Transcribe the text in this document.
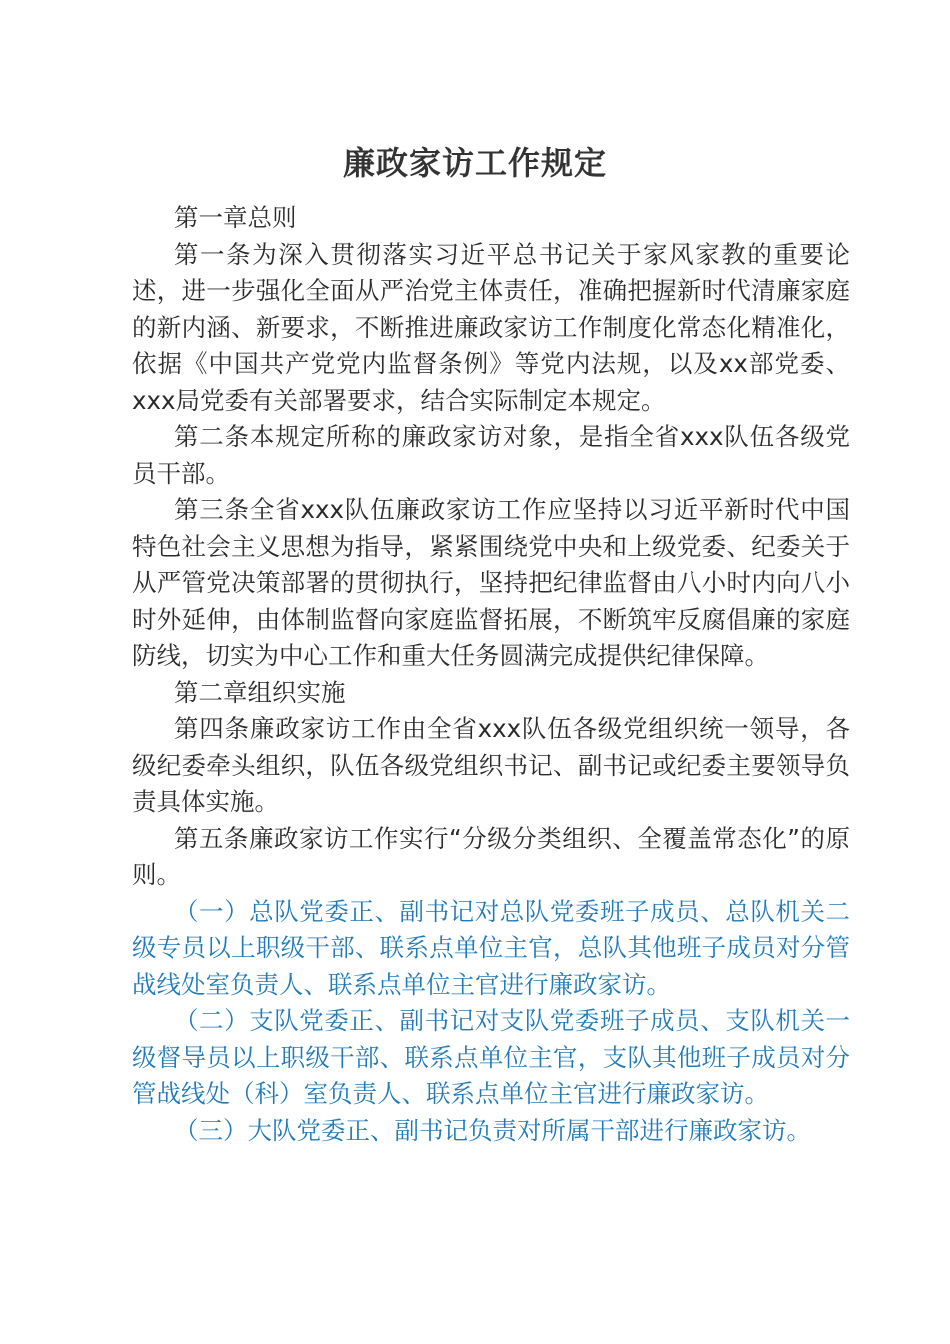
廉政家访工作规定

第一章总则

第一条为深入贯彻落实习近平总书记关于家风家教的重要论述，进一步强化全面从严治党主体责任，准确把握新时代清廉家庭的新内涵、新要求，不断推进廉政家访工作制度化常态化精准化，依据《中国共产党党内监督条例》等党内法规，以及xx部党委、xxx局党委有关部署要求，结合实际制定本规定。

第二条本规定所称的廉政家访对象，是指全省xxx队伍各级党员干部。

第三条全省xxx队伍廉政家访工作应坚持以习近平新时代中国特色社会主义思想为指导，紧紧围绕党中央和上级党委、纪委关于从严管党决策部署的贯彻执行，坚持把纪律监督由八小时内向八小时外延伸，由体制监督向家庭监督拓展，不断筑牢反腐倡廉的家庭防线，切实为中心工作和重大任务圆满完成提供纪律保障。

第二章组织实施

第四条廉政家访工作由全省xxx队伍各级党组织统一领导，各级纪委牵头组织，队伍各级党组织书记、副书记或纪委主要领导负责具体实施。

第五条廉政家访工作实行“分级分类组织、全覆盖常态化”的原则。

（一）总队党委正、副书记对总队党委班子成员、总队机关二级专员以上职级干部、联系点单位主官，总队其他班子成员对分管战线处室负责人、联系点单位主官进行廉政家访。

（二）支队党委正、副书记对支队党委班子成员、支队机关一级督导员以上职级干部、联系点单位主官，支队其他班子成员对分管战线处（科）室负责人、联系点单位主官进行廉政家访。

（三）大队党委正、副书记负责对所属干部进行廉政家访。
